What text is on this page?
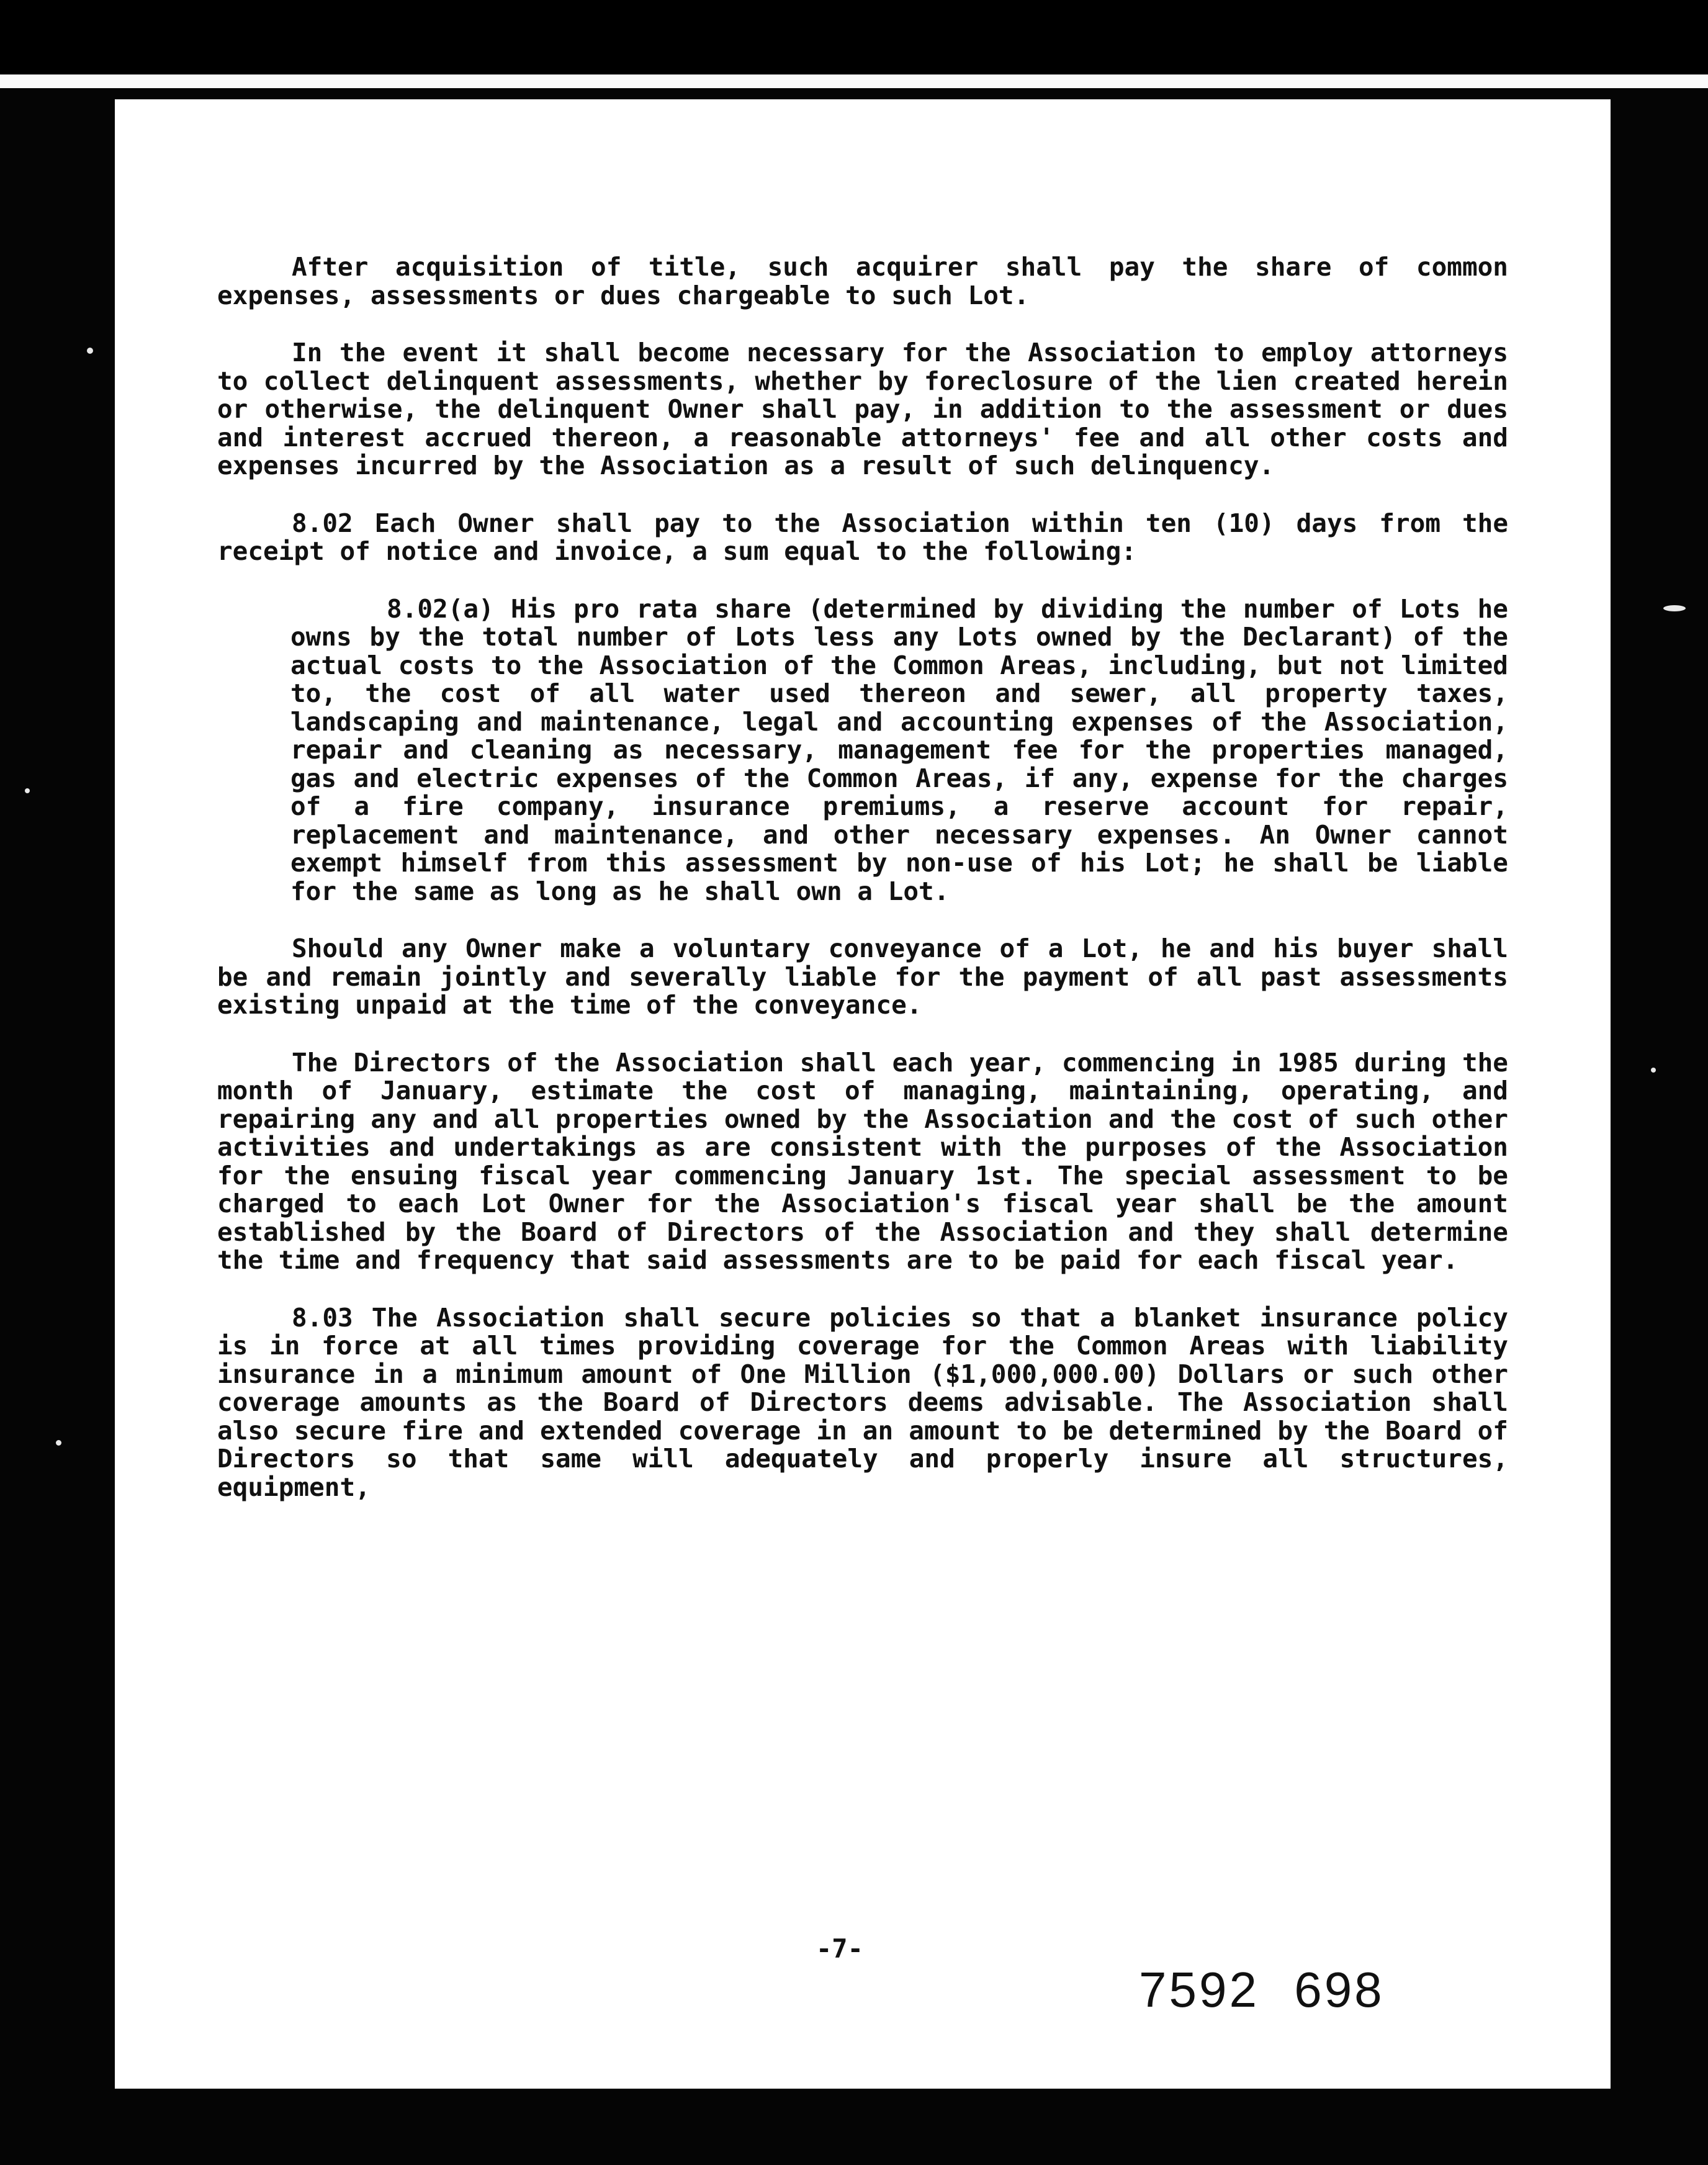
After acquisition of title, such acquirer shall pay the share of common expenses, assessments or dues chargeable to such Lot.

In the event it shall become necessary for the Association to employ attorneys to collect delinquent assessments, whether by foreclosure of the lien created herein or otherwise, the delinquent Owner shall pay, in addition to the assessment or dues and interest accrued thereon, a reasonable attorneys' fee and all other costs and expenses incurred by the Association as a result of such delinquency.

8.02 Each Owner shall pay to the Association within ten (10) days from the receipt of notice and invoice, a sum equal to the following:

8.02(a) His pro rata share (determined by dividing the number of Lots he owns by the total number of Lots less any Lots owned by the Declarant) of the actual costs to the Association of the Common Areas, including, but not limited to, the cost of all water used thereon and sewer, all property taxes, landscaping and maintenance, legal and accounting expenses of the Association, repair and cleaning as necessary, management fee for the properties managed, gas and electric expenses of the Common Areas, if any, expense for the charges of a fire company, insurance premiums, a reserve account for repair, replacement and maintenance, and other necessary expenses. An Owner cannot exempt himself from this assessment by non-use of his Lot; he shall be liable for the same as long as he shall own a Lot.

Should any Owner make a voluntary conveyance of a Lot, he and his buyer shall be and remain jointly and severally liable for the payment of all past assessments existing unpaid at the time of the conveyance.

The Directors of the Association shall each year, commencing in 1985 during the month of January, estimate the cost of managing, maintaining, operating, and repairing any and all properties owned by the Association and the cost of such other activities and undertakings as are consistent with the purposes of the Association for the ensuing fiscal year commencing January 1st. The special assessment to be charged to each Lot Owner for the Association's fiscal year shall be the amount established by the Board of Directors of the Association and they shall determine the time and frequency that said assessments are to be paid for each fiscal year.

8.03 The Association shall secure policies so that a blanket insurance policy is in force at all times providing coverage for the Common Areas with liability insurance in a minimum amount of One Million ($1,000,000.00) Dollars or such other coverage amounts as the Board of Directors deems advisable. The Association shall also secure fire and extended coverage in an amount to be determined by the Board of Directors so that same will adequately and properly insure all structures, equipment,

-7-
7592 698
